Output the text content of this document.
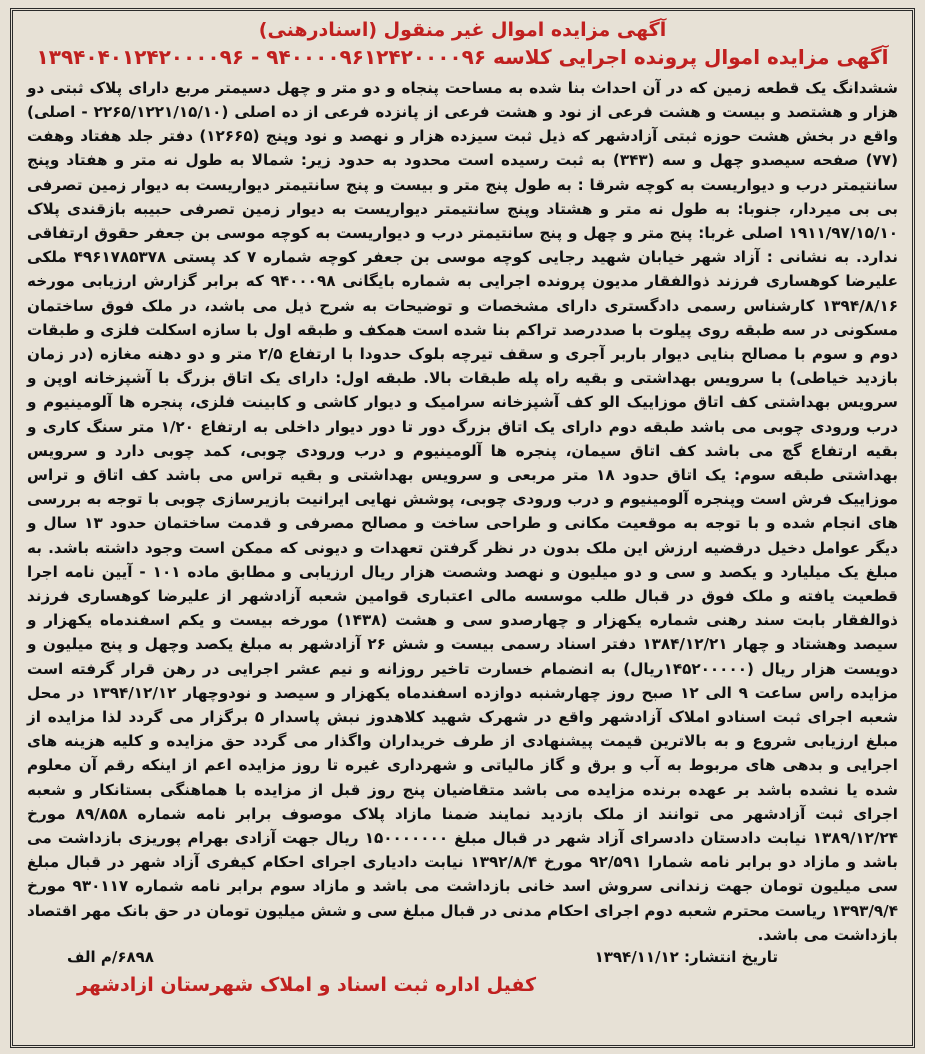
آگهی مزایده اموال غیر منقول (اسنادرهنی)
آگهی مزایده اموال پرونده اجرایی کلاسه ۹۴۰۰۰۰۹۶۱۲۴۲۰۰۰۰۹۶ - ۱۳۹۴۰۴۰۱۲۴۲۰۰۰۰۹۶
ششدانگ یک قطعه زمین که در آن احداث بنا شده به مساحت پنجاه و دو متر و چهل دسیمتر مربع دارای پلاک ثبتی دو هزار و هشتصد و بیست و هشت فرعی از نود و هشت فرعی از پانزده فرعی از ده اصلی (۲۲۶۵/۱۲۲۱/۱۵/۱۰ - اصلی) واقع در بخش هشت حوزه ثبتی آزادشهر که ذیل ثبت سیزده هزار و نهصد و نود وپنج (۱۲۶۶۵) دفتر جلد هفتاد وهفت (۷۷) صفحه سیصدو چهل و سه (۳۴۳) به ثبت رسیده است محدود به حدود زیر: شمالا به طول نه متر و هفتاد وپنج سانتیمتر درب و دیواریست به کوچه شرقا : به طول پنج متر و بیست و پنج سانتیمتر دیواریست به دیوار زمین تصرفی بی بی میردار، جنوبا: به طول نه متر و هشتاد وپنج سانتیمتر دیواریست به دیوار زمین تصرفی حبیبه بازقندی پلاک ۱۹۱۱/۹۷/۱۵/۱۰ اصلی غربا: پنج متر و چهل و پنج سانتیمتر درب و دیواریست به کوچه موسی بن جعفر حقوق ارتفاقی ندارد. به نشانی : آزاد شهر خیابان شهید رجایی کوچه موسی بن جعفر کوچه شماره ۷ کد پستی ۴۹۶۱۷۸۵۳۷۸ ملکی علیرضا کوهساری فرزند ذوالفقار مدیون پرونده اجرایی به شماره بایگانی ۹۴۰۰۰۹۸ که برابر گزارش ارزیابی مورخه ۱۳۹۴/۸/۱۶ کارشناس رسمی دادگستری دارای مشخصات و توضیحات به شرح ذیل می باشد، در ملک فوق ساختمان مسکونی در سه طبقه روی پیلوت با صددرصد تراکم بنا شده است همکف و طبقه اول با سازه اسکلت فلزی و طبقات دوم و سوم با مصالح بنایی دیوار باربر آجری و سقف تیرچه بلوک حدودا با ارتفاع ۲/۵ متر و دو دهنه مغازه (در زمان بازدید خیاطی) با سرویس بهداشتی و بقیه راه پله طبقات بالا. طبقه اول: دارای یک اتاق بزرگ با آشپزخانه اوپن و سرویس بهداشتی کف اتاق موزاییک الو کف آشپزخانه سرامیک و دیوار کاشی و کابینت فلزی، پنجره ها آلومینیوم و درب ورودی چوبی می باشد طبقه دوم دارای یک اتاق بزرگ دور تا دور دیوار داخلی به ارتفاع ۱/۲۰ متر سنگ کاری و بقیه ارتفاع گچ می باشد کف اتاق سیمان، پنجره ها آلومینیوم و درب ورودی چوبی، کمد چوبی دارد و سرویس بهداشتی طبقه سوم: یک اتاق حدود ۱۸ متر مربعی و سرویس بهداشتی و بقیه تراس می باشد کف اتاق و تراس موزاییک فرش است وپنجره آلومینیوم و درب ورودی چوبی، پوشش نهایی ایرانیت بازیرسازی چوبی با توجه به بررسی های انجام شده و با توجه به موقعیت مکانی و طراحی ساخت و مصالح مصرفی و قدمت ساختمان حدود ۱۳ سال و دیگر عوامل دخیل درقضیه ارزش این ملک بدون در نظر گرفتن تعهدات و دیونی که ممکن است وجود داشته باشد. به مبلغ یک میلیارد و یکصد و سی و دو میلیون و نهصد وشصت هزار ریال ارزیابی و مطابق ماده ۱۰۱ - آیین نامه اجرا قطعیت یافته و ملک فوق در قبال طلب موسسه مالی اعتباری قوامین شعبه آزادشهر از علیرضا کوهساری فرزند ذوالفقار بابت سند رهنی شماره یکهزار و چهارصدو سی و هشت (۱۴۳۸) مورخه بیست و یکم اسفندماه یکهزار و سیصد وهشتاد و چهار ۱۳۸۴/۱۲/۲۱ دفتر اسناد رسمی بیست و شش ۲۶ آزادشهر به مبلغ یکصد وچهل و پنج میلیون و دویست هزار ریال (۱۴۵۲۰۰۰۰۰ریال) به انضمام خسارت تاخیر روزانه و نیم عشر اجرایی در رهن قرار گرفته است مزایده راس ساعت ۹ الی ۱۲ صبح روز چهارشنبه دوازده اسفندماه یکهزار و سیصد و نودوچهار ۱۳۹۴/۱۲/۱۲ در محل شعبه اجرای ثبت اسنادو املاک آزادشهر واقع در شهرک شهید کلاهدوز نبش پاسدار ۵ برگزار می گردد لذا مزایده از مبلغ ارزیابی شروع و به بالاترین قیمت پیشنهادی از طرف خریداران واگذار می گردد حق مزایده و کلیه هزینه های اجرایی و بدهی های مربوط به آب و برق و گاز مالیاتی و شهرداری غیره تا روز مزایده اعم از اینکه رقم آن معلوم شده یا نشده باشد بر عهده برنده مزایده می باشد متقاضیان پنج روز قبل از مزایده با هماهنگی بستانکار و شعبه اجرای ثبت آزادشهر می توانند از ملک بازدید نمایند ضمنا مازاد پلاک موصوف برابر نامه شماره ۸۹/۸۵۸ مورخ ۱۳۸۹/۱۲/۲۴ نیابت دادستان دادسرای آزاد شهر در قبال مبلغ ۱۵۰۰۰۰۰۰۰ ریال جهت آزادی بهرام پوریزی بازداشت می باشد و مازاد دو برابر نامه شمارا ۹۲/۵۹۱ مورخ ۱۳۹۲/۸/۴ نیابت دادیاری اجرای احکام کیفری آزاد شهر در قبال مبلغ سی میلیون تومان جهت زندانی سروش اسد خانی بازداشت می باشد و مازاد سوم برابر نامه شماره ۹۳۰۱۱۷ مورخ ۱۳۹۳/۹/۴ ریاست محترم شعبه دوم اجرای احکام مدنی در قبال مبلغ سی و شش میلیون تومان در حق بانک مهر اقتصاد بازداشت می باشد.
تاریخ انتشار: ۱۳۹۴/۱۱/۱۲
۶۸۹۸/م الف
کفیل اداره ثبت اسناد و املاک شهرستان ازادشهر
